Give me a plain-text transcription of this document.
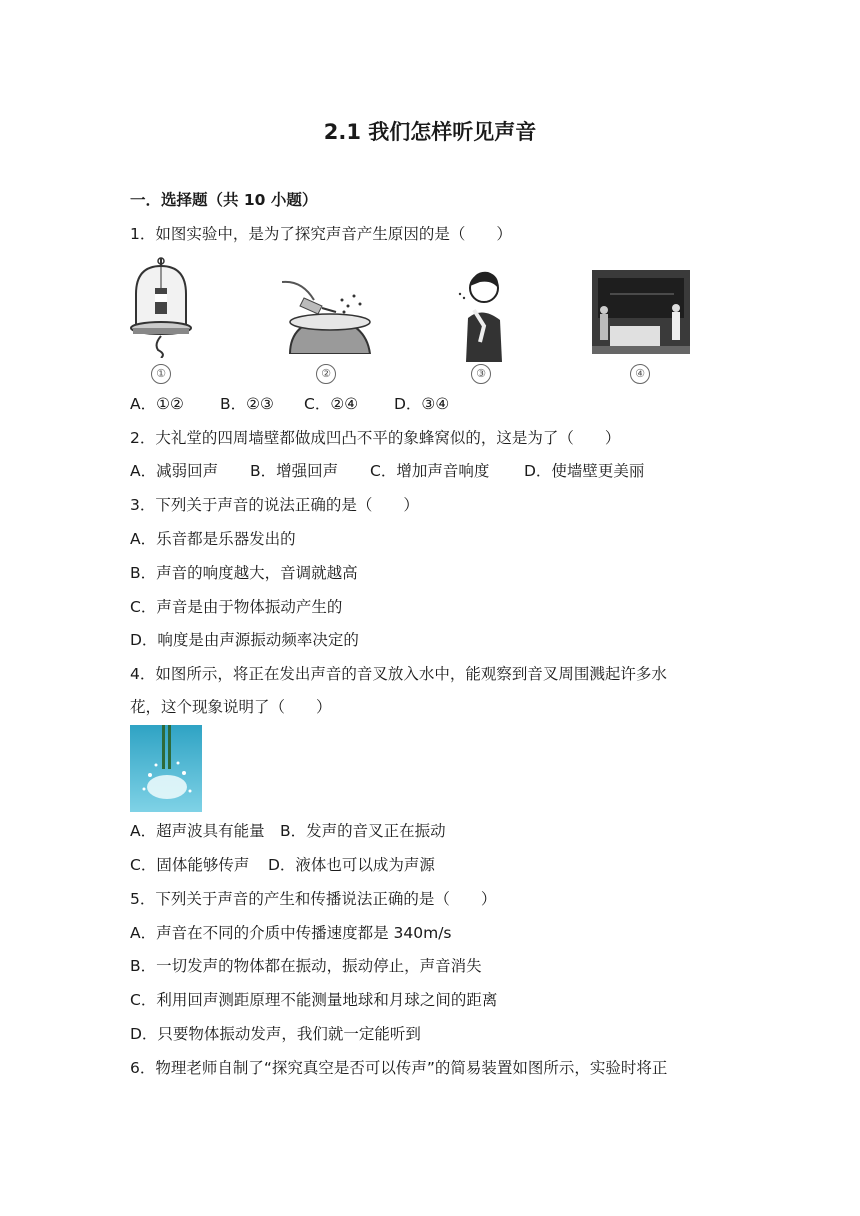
2.1 我们怎样听见声音
一．选择题（共 10 小题）
1．如图实验中，是为了探究声音产生原因的是（　　）
①	②	③	④
A．①② B．②③ C．②④ D．③④
2．大礼堂的四周墙壁都做成凹凸不平的象蜂窝似的，这是为了（　　）
A．减弱回声 B．增强回声 C．增加声音响度 D．使墙壁更美丽
3．下列关于声音的说法正确的是（　　）
A．乐音都是乐器发出的
B．声音的响度越大，音调就越高
C．声音是由于物体振动产生的
D．响度是由声源振动频率决定的
4．如图所示，将正在发出声音的音叉放入水中，能观察到音叉周围溅起许多水
花，这个现象说明了（　　）
A．超声波具有能量 B．发声的音叉正在振动
C．固体能够传声 D．液体也可以成为声源
5．下列关于声音的产生和传播说法正确的是（　　）
A．声音在不同的介质中传播速度都是 340m/s
B．一切发声的物体都在振动，振动停止，声音消失
C．利用回声测距原理不能测量地球和月球之间的距离
D．只要物体振动发声，我们就一定能听到
6．物理老师自制了“探究真空是否可以传声”的简易装置如图所示，实验时将正
